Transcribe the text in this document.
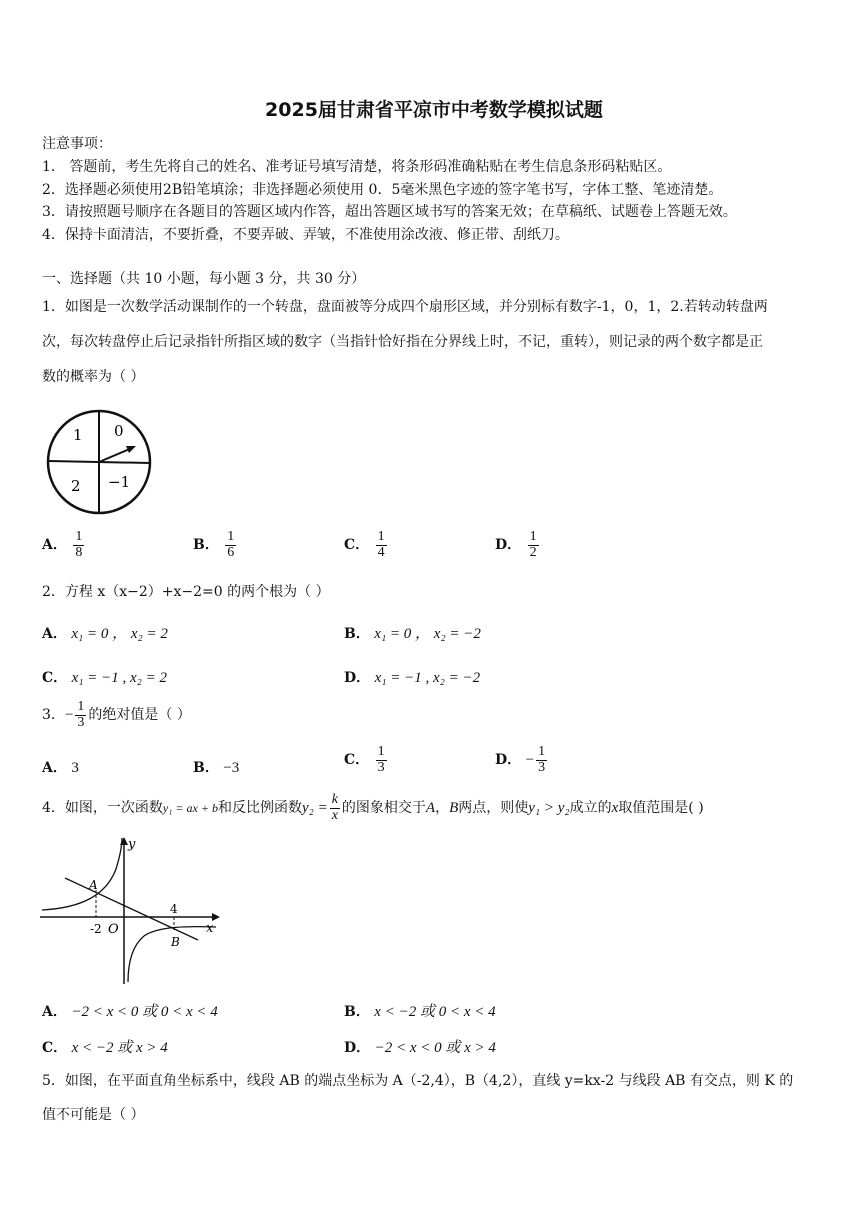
2025届甘肃省平凉市中考数学模拟试题
注意事项：
1． 答题前，考生先将自己的姓名、准考证号填写清楚，将条形码准确粘贴在考生信息条形码粘贴区。
2．选择题必须使用2B铅笔填涂；非选择题必须使用 0．5毫米黑色字迹的签字笔书写，字体工整、笔迹清楚。
3．请按照题号顺序在各题目的答题区域内作答，超出答题区域书写的答案无效；在草稿纸、试题卷上答题无效。
4．保持卡面清洁，不要折叠，不要弄破、弄皱，不准使用涂改液、修正带、刮纸刀。
一、选择题（共 10 小题，每小题 3 分，共 30 分）
1．如图是一次数学活动课制作的一个转盘，盘面被等分成四个扇形区域，并分别标有数字-1，0，1，2.若转动转盘两
次，每次转盘停止后记录指针所指区域的数字（当指针恰好指在分界线上时，不记，重转），则记录的两个数字都是正
数的概率为（ ）
1 0
2 −1
A． $\frac{1}{8}$	B． $\frac{1}{6}$	C． $\frac{1}{4}$	D． $\frac{1}{2}$
2．方程 x（x−2）+x−2=0 的两个根为（ ）
A． x₁ = 0 ， x₂ = 2	B． x₁ = 0 ， x₂ = −2
C． x₁ = −1 , x₂ = 2	D． x₁ = −1 , x₂ = −2
3．− $\frac{1}{3}$ 的绝对值是（ ）
A． 3	B． −3	C． $\frac{1}{3}$	D． − $\frac{1}{3}$
4．如图，一次函数y₁ = ax + b和反比例函数$y_2 = \frac{k}{x}$ 的图象相交于A，B两点，则使y₁ > y₂成立的x取值范围是( )
y
x
O
-2
4
A
B
A． −2 < x < 0 或 0 < x < 4	B． x < −2 或 0 < x < 4
C． x < −2 或 x > 4	D． −2 < x < 0 或 x > 4
5．如图，在平面直角坐标系中，线段 AB 的端点坐标为 A（-2,4），B（4,2），直线 y=kx-2 与线段 AB 有交点，则 K 的
值不可能是（ ）
